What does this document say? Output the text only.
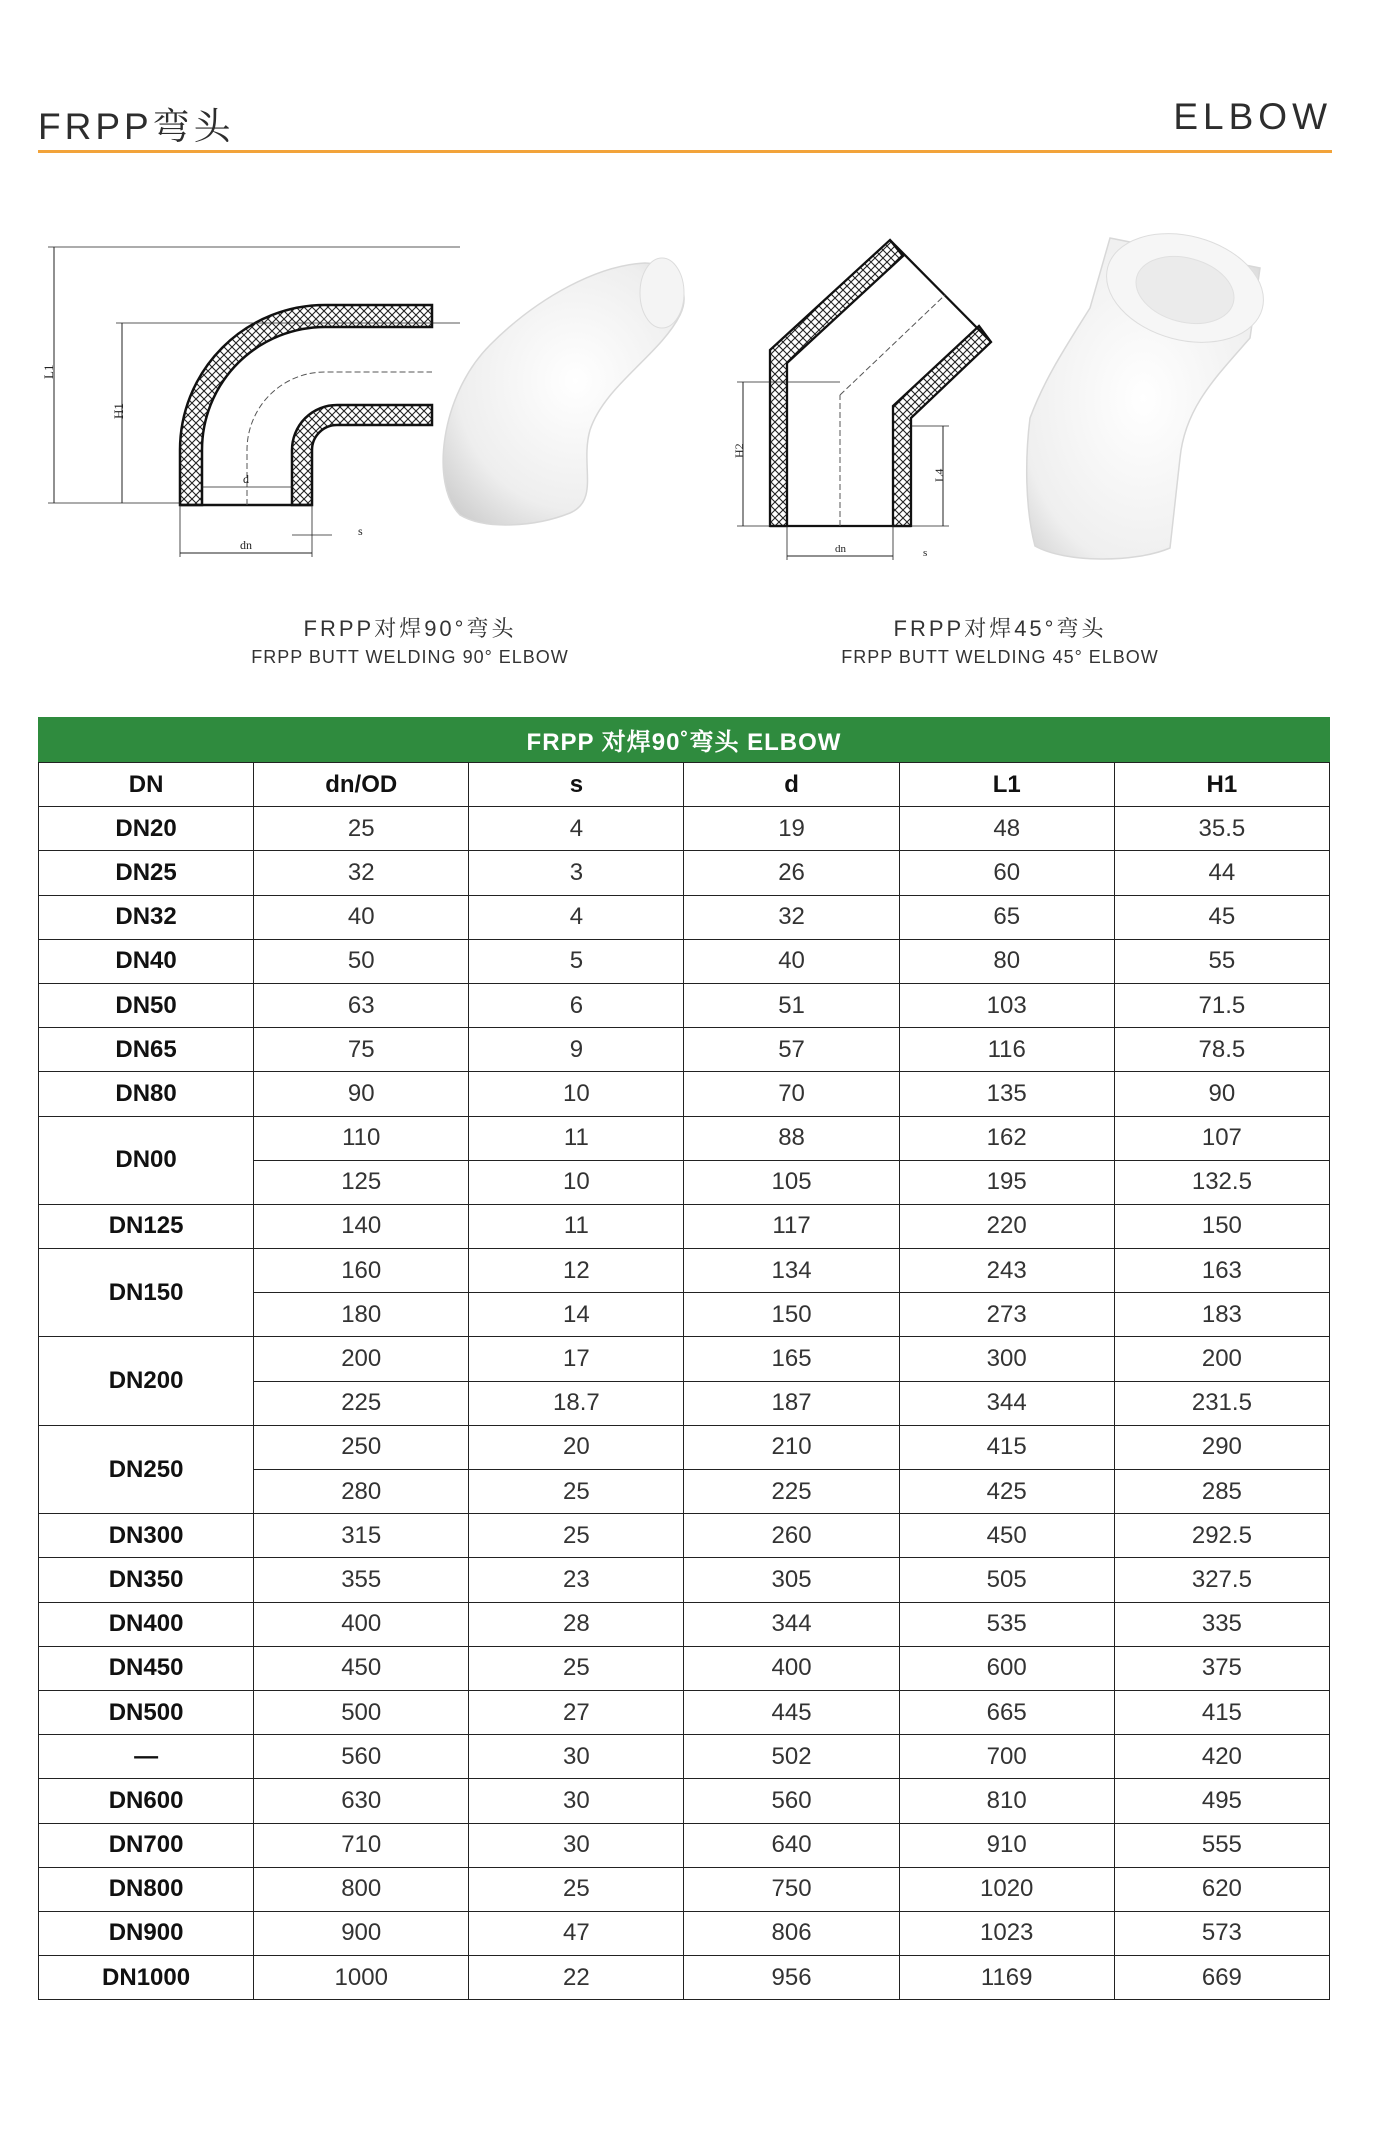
FRPP弯头	ELBOW
L1
H1
d
dn
s
H2
L4
dn	s
FRPP对焊90°弯头
FRPP BUTT WELDING 90° ELBOW
FRPP对焊45°弯头
FRPP BUTT WELDING 45° ELBOW
FRPP 对焊90˚弯头 ELBOW
DN	dn/OD	s	d	L1	H1
DN20	25	4	19	48	35.5
DN25	32	3	26	60	44
DN32	40	4	32	65	45
DN40	50	5	40	80	55
DN50	63	6	51	103	71.5
DN65	75	9	57	116	78.5
DN80	90	10	70	135	90
DN00	110	11	88	162	107
	125	10	105	195	132.5
DN125	140	11	117	220	150
DN150	160	12	134	243	163
	180	14	150	273	183
DN200	200	17	165	300	200
	225	18.7	187	344	231.5
DN250	250	20	210	415	290
	280	25	225	425	285
DN300	315	25	260	450	292.5
DN350	355	23	305	505	327.5
DN400	400	28	344	535	335
DN450	450	25	400	600	375
DN500	500	27	445	665	415
—	560	30	502	700	420
DN600	630	30	560	810	495
DN700	710	30	640	910	555
DN800	800	25	750	1020	620
DN900	900	47	806	1023	573
DN1000	1000	22	956	1169	669
